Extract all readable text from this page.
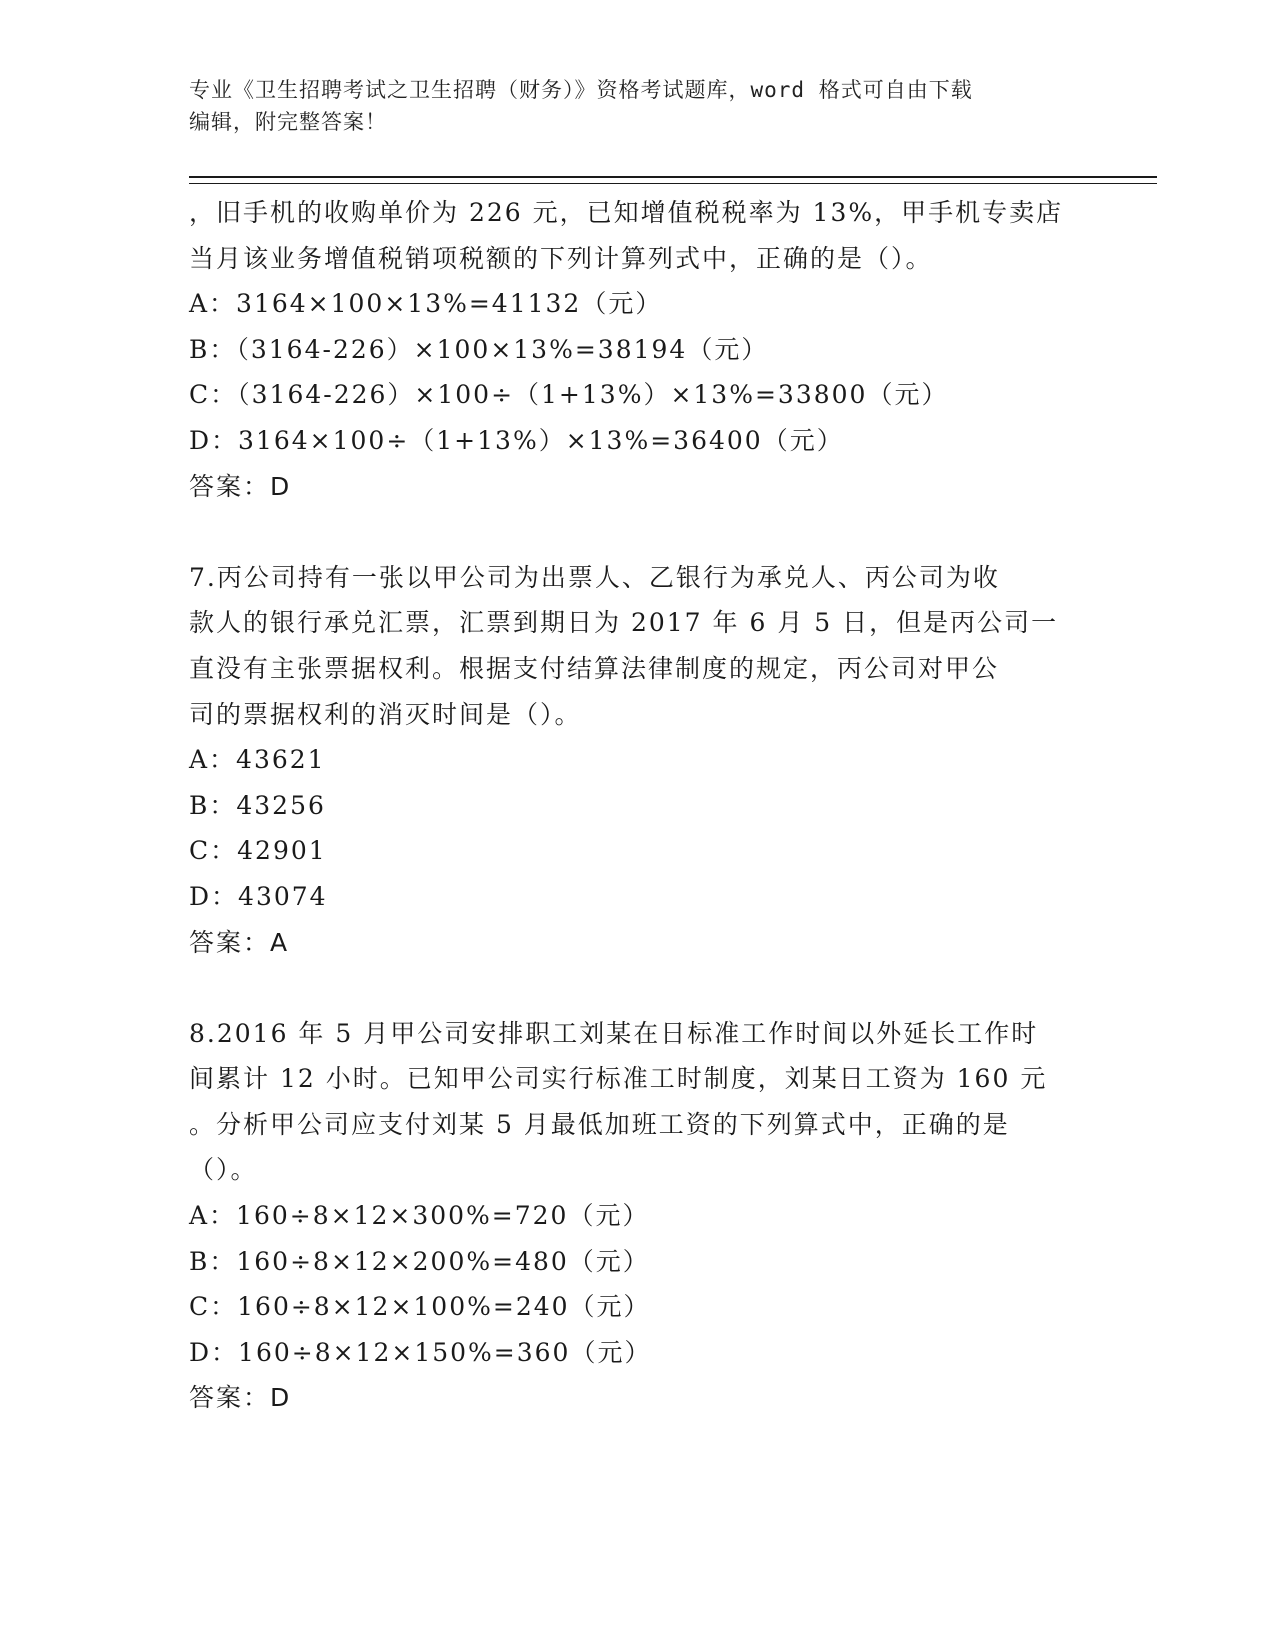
专业《卫生招聘考试之卫生招聘（财务）》资格考试题库，word 格式可自由下载
编辑，附完整答案！
，旧手机的收购单价为 226 元，已知增值税税率为 13%，甲手机专卖店
当月该业务增值税销项税额的下列计算列式中，正确的是（）。
A：3164×100×13%=41132（元）
B：（3164-226）×100×13%=38194（元）
C：（3164-226）×100÷（1+13%）×13%=33800（元）
D：3164×100÷（1+13%）×13%=36400（元）
答案：D
7.丙公司持有一张以甲公司为出票人、乙银行为承兑人、丙公司为收
款人的银行承兑汇票，汇票到期日为 2017 年 6 月 5 日，但是丙公司一
直没有主张票据权利。根据支付结算法律制度的规定，丙公司对甲公
司的票据权利的消灭时间是（）。
A：43621
B：43256
C：42901
D：43074
答案：A
8.2016 年 5 月甲公司安排职工刘某在日标准工作时间以外延长工作时
间累计 12 小时。已知甲公司实行标准工时制度，刘某日工资为 160 元
。分析甲公司应支付刘某 5 月最低加班工资的下列算式中，正确的是
（）。
A：160÷8×12×300%=720（元）
B：160÷8×12×200%=480（元）
C：160÷8×12×100%=240（元）
D：160÷8×12×150%=360（元）
答案：D
